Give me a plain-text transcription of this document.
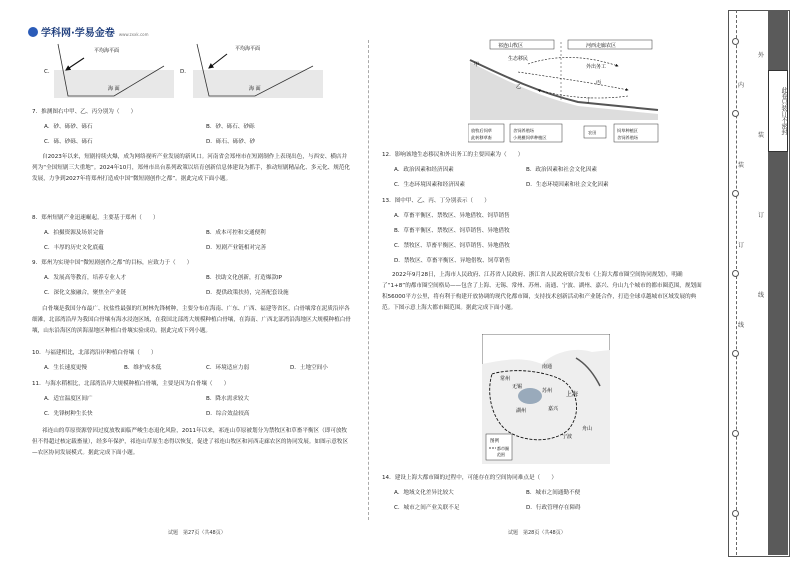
学科网·学易金卷 www.zxxk.com
C．
平均海平面
海 面
D．
平均海平面
海 面
7．推测图右中甲、乙、丙分别为（　　）
A．砂、砾砂、砾石	B．砂、砾石、砂砾
C．砾、砂砾、砾石	D．砾石、砾砂、砂
自2023年以来，短剧持续火爆，成为网络视听产业发展的新风口。河南省会郑州市在短剧制作上表现出色，与西安、横店并列为“全国短剧三大重地”。2024年10月，郑州市出台系列政策以培育创新信息体建设为抓手，推动短剧精品化、多元化、规范化发展，力争到2027年将郑州打造成中国“微短剧创作之都”。据此完成下面小题。
8．郑州短剧产业迅速崛起，主要基于郑州（　　）
A．拍摄资源及场景完备	B．成本可控和交通便利
C．丰厚的历史文化底蕴	D．短剧产业链相对完善
9．郑州为实现中国“微短剧创作之都”的目标，应致力于（　　）
A．发展高等教育，培养专业人才	B．扶助文化创新，打造爆款IP
C．深化文旅融合，聚焦全产业链	D．提供政策扶持，完善配套设施
白骨壤是我国分布最广、抗盐性最强的红树林先锋树种，主要分布在海南、广东、广西、福建等省区，白骨壤常在泥质沿岸各细滩，北部湾沿岸为我国白骨壤有海水浸泡区域，在我国北部湾大规模种植白骨壤，在海南、广西北部湾沿海地区大规模种植白骨壤，山东沿海区的滨海湿地区种植白骨壤实验成功。据此完成下列小题。
10．与福建相比，北部湾沿岸种植白骨壤（　　）
A．生长速度更慢	B．维护成本低	C．环境适应力弱	D．土地空间小
11．与海水稻相比，北部湾沿岸大规模种植白骨壤，主要是因为白骨壤（　　）
A．适宜温度区间广	B．降水需求较大
C．先锋树种生长快	D．综合效益较高
祁连山的草原资源曾因过度放牧面临严峻生态退化风险，2011年以来，祁连山草原被划分为禁牧区和草畜平衡区（即可放牧但不得超过核定载畜量），经多年保护，祁连山草原生态得以恢复，促进了祁连山牧区和河西走廊农区的协同发展。如图示意牧区—农区协同发展模式。据此完成下面小题。
试题　第27页（共48页）
祁连山牧区	河西走廊农区
生态移民
外出务工
甲
乙
丙
丁
放牧后饲草
此转移草畜
舍饲养殖场
小规模饲草种植区
农田	饲草种植区
舍饲养殖场
12．影响该地生态移民和外出务工的主要因素为（　　）
A．政治因素和经济因素	B．政治因素和社会文化因素
C．生态环境因素和经济因素	D．生态环境因素和社会文化因素
13．图中甲、乙、丙、丁分别表示（　　）
A．草畜平衡区、禁牧区、异地借牧、饲草销售
B．草畜平衡区、禁牧区、饲草销售、异地借牧
C．禁牧区、草畜平衡区、饲草销售、异地借牧
D．禁牧区、草畜平衡区、异地借牧、饲草销售
2022年9月28日，上海市人民政府、江苏省人民政府、浙江省人民政府联合发布《上海大都市圈空间协同规划》，明确了“1+8”的都市圈空间格局——包含了上海、无锡、常州、苏州、南通、宁波、湖州、嘉兴、舟山九个城市的都市圈范围，规划面积56000平方公里，将有利于构建开放协调的现代化都市圈，支持技术创新活动和产业链合作，打造全球卓越城市区域发展的典范。下图示意上海大都市圈范围。据此完成下面小题。
南通
常州
无锡
苏州 上海
湖州	嘉兴
宁波
舟山
图例
都市圈
范围
14．建设上海大都市圈的过程中，可能存在的空间协同难点是（　　）
A．地域文化差异比较大	B．城市之间通勤不便
C．城市之间产业关联不足	D．行政管理存在障碍
试题　第28页（共48页）
此卷只装订不密封
内
装
订
线
外
装
订
线
